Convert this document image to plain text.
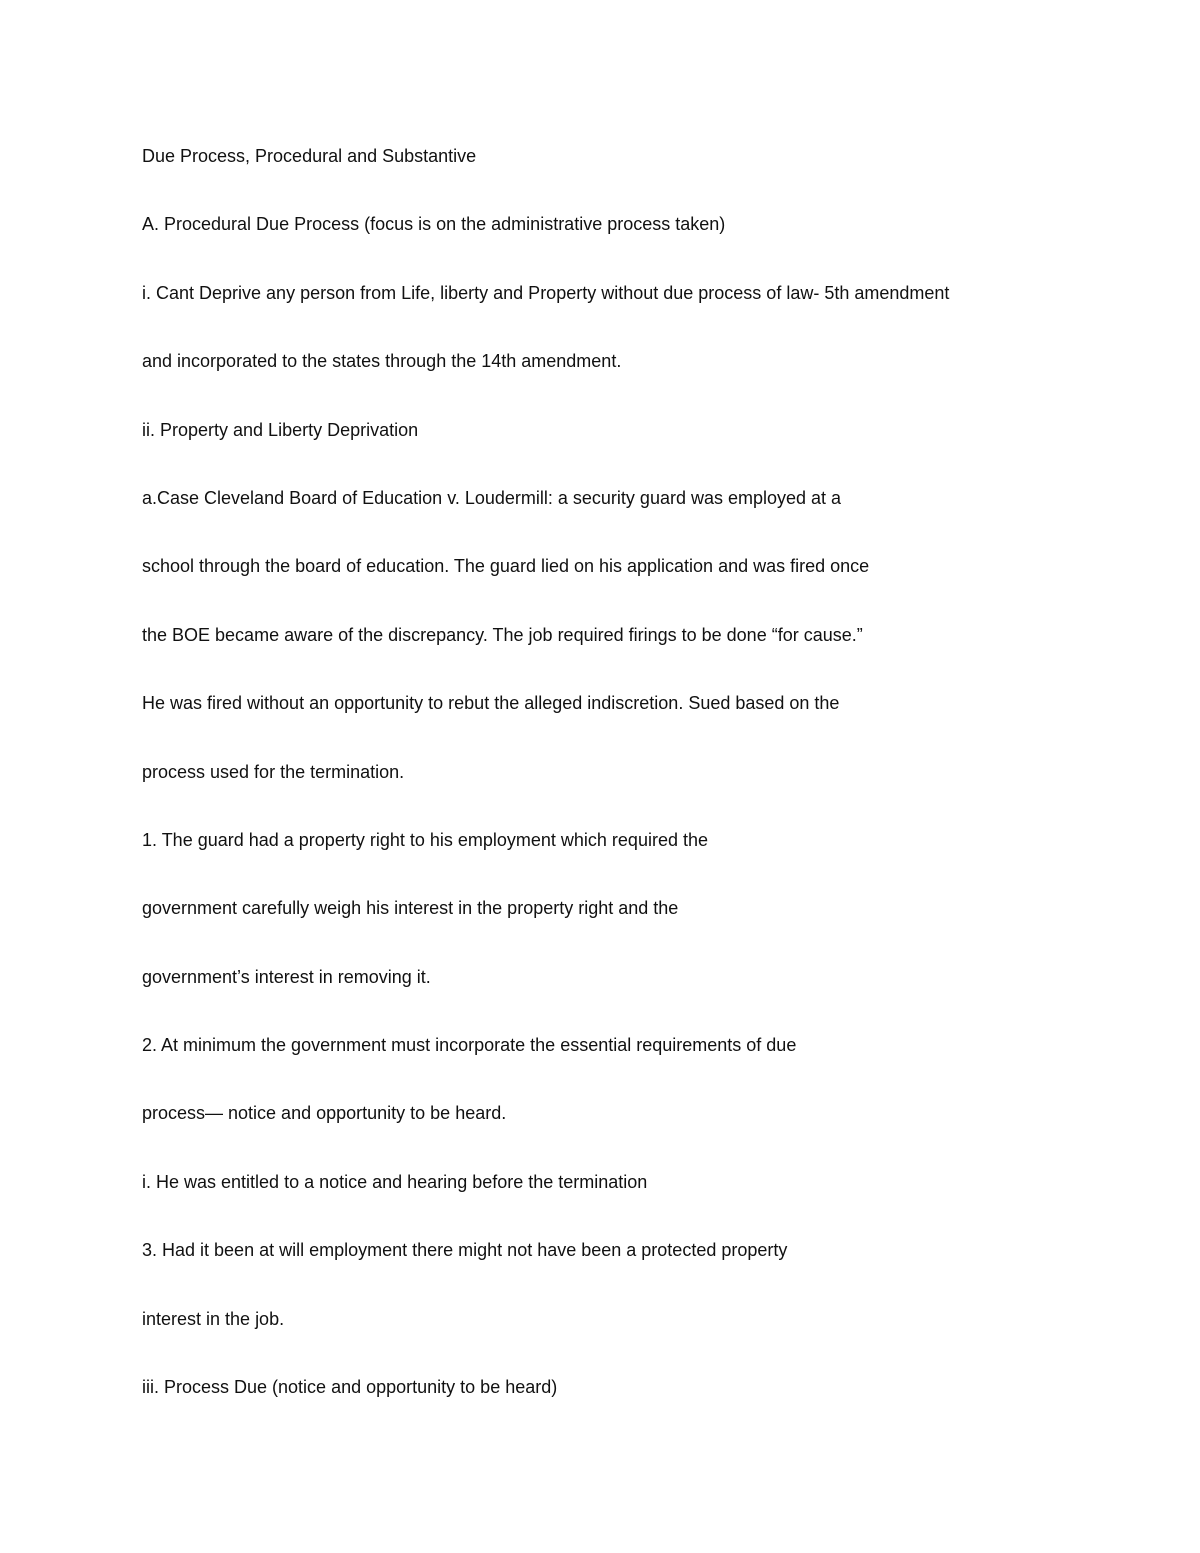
Due Process, Procedural and Substantive
A. Procedural Due Process (focus is on the administrative process taken)
i. Cant Deprive any person from Life, liberty and Property without due process of law- 5th amendment
and incorporated to the states through the 14th amendment.
ii. Property and Liberty Deprivation
a.Case Cleveland Board of Education v. Loudermill: a security guard was employed at a
school through the board of education. The guard lied on his application and was fired once
the BOE became aware of the discrepancy. The job required firings to be done “for cause.”
He was fired without an opportunity to rebut the alleged indiscretion. Sued based on the
process used for the termination.
1. The guard had a property right to his employment which required the
government carefully weigh his interest in the property right and the
government’s interest in removing it.
2. At minimum the government must incorporate the essential requirements of due
process— notice and opportunity to be heard.
i. He was entitled to a notice and hearing before the termination
3. Had it been at will employment there might not have been a protected property
interest in the job.
iii. Process Due (notice and opportunity to be heard)
